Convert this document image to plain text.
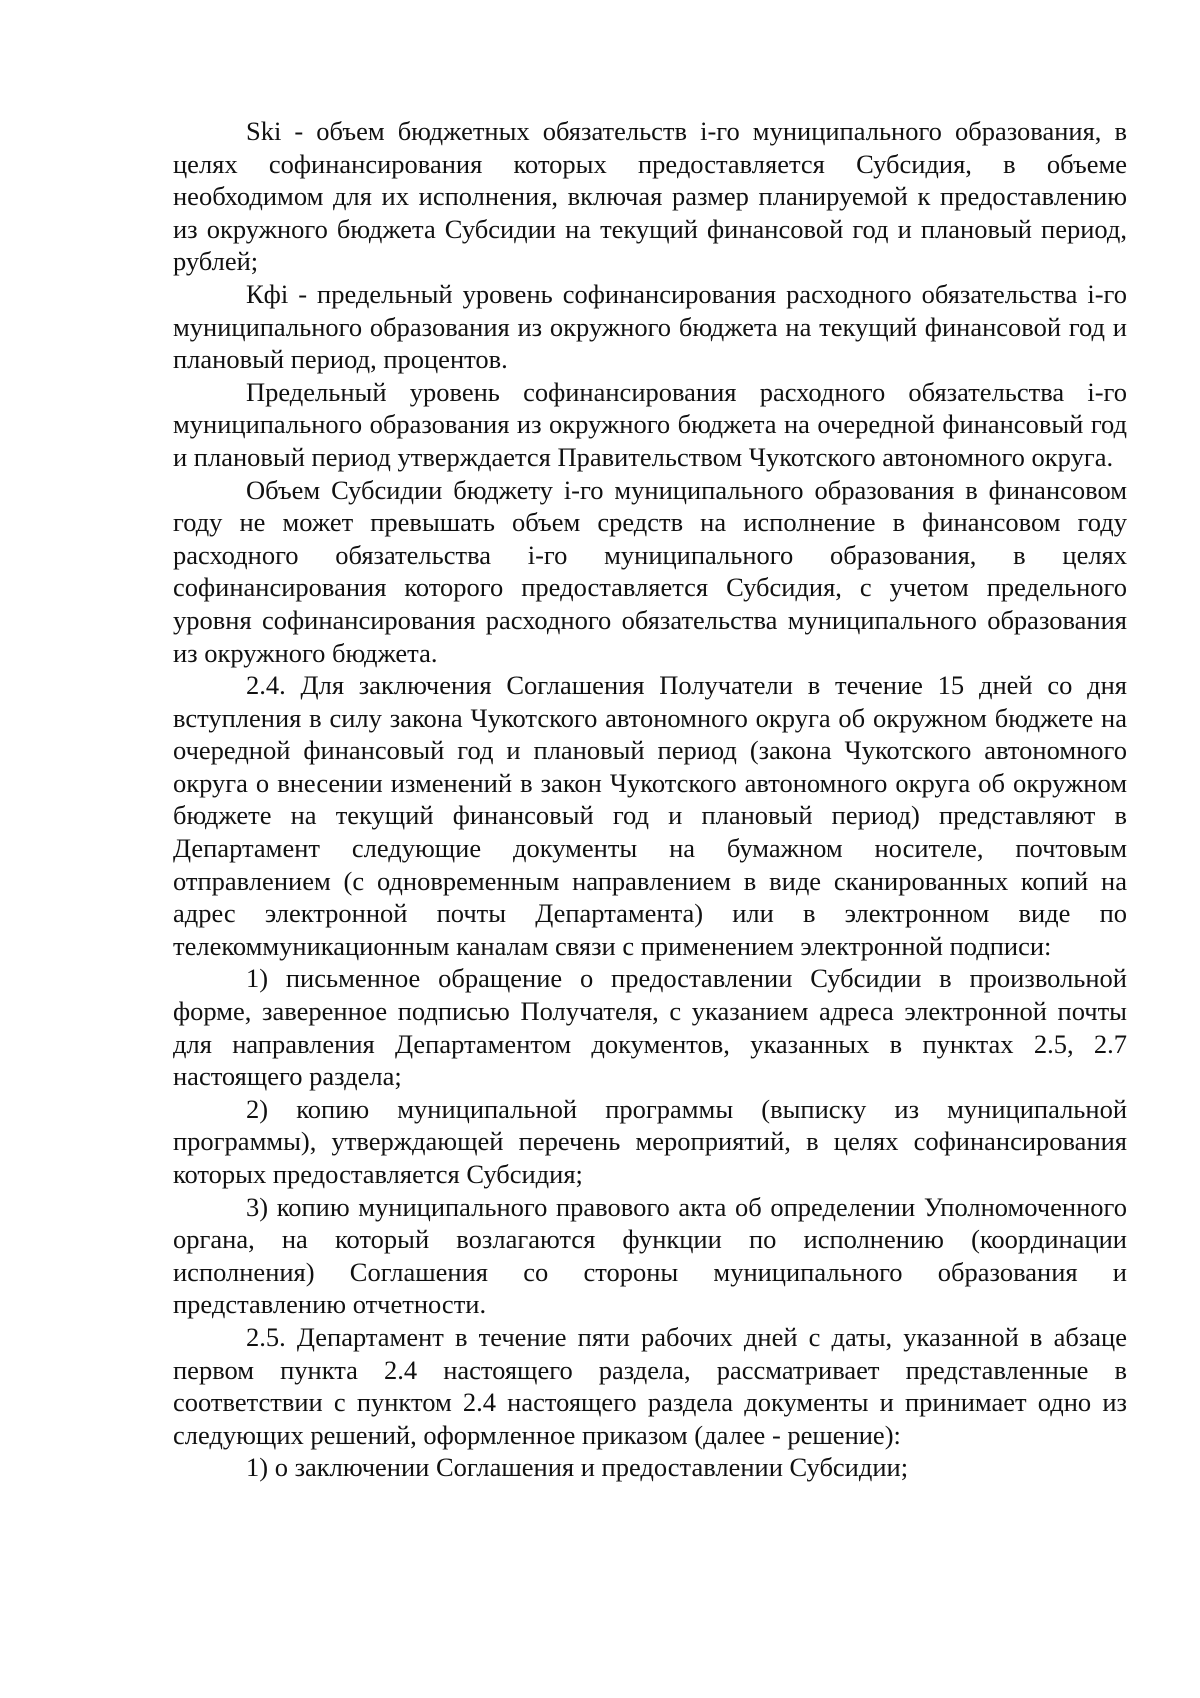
Ski - объем бюджетных обязательств i-го муниципального образования, в целях софинансирования которых предоставляется Субсидия, в объеме необходимом для их исполнения, включая размер планируемой к предоставлению из окружного бюджета Субсидии на текущий финансовой год и плановый период, рублей;

Кфi - предельный уровень софинансирования расходного обязательства i-го муниципального образования из окружного бюджета на текущий финансовой год и плановый период, процентов.

Предельный уровень софинансирования расходного обязательства i-го муниципального образования из окружного бюджета на очередной финансовый год и плановый период утверждается Правительством Чукотского автономного округа.

Объем Субсидии бюджету i-го муниципального образования в финансовом году не может превышать объем средств на исполнение в финансовом году расходного обязательства i-го муниципального образования, в целях софинансирования которого предоставляется Субсидия, с учетом предельного уровня софинансирования расходного обязательства муниципального образования из окружного бюджета.

2.4. Для заключения Соглашения Получатели в течение 15 дней со дня вступления в силу закона Чукотского автономного округа об окружном бюджете на очередной финансовый год и плановый период (закона Чукотского автономного округа о внесении изменений в закон Чукотского автономного округа об окружном бюджете на текущий финансовый год и плановый период) представляют в Департамент следующие документы на бумажном носителе, почтовым отправлением (с одновременным направлением в виде сканированных копий на адрес электронной почты Департамента) или в электронном виде по телекоммуникационным каналам связи с применением электронной подписи:

1) письменное обращение о предоставлении Субсидии в произвольной форме, заверенное подписью Получателя, с указанием адреса электронной почты для направления Департаментом документов, указанных в пунктах 2.5, 2.7 настоящего раздела;

2) копию муниципальной программы (выписку из муниципальной программы), утверждающей перечень мероприятий, в целях софинансирования которых предоставляется Субсидия;

3) копию муниципального правового акта об определении Уполномоченного органа, на который возлагаются функции по исполнению (координации исполнения) Соглашения со стороны муниципального образования и представлению отчетности.

2.5. Департамент в течение пяти рабочих дней с даты, указанной в абзаце первом пункта 2.4 настоящего раздела, рассматривает представленные в соответствии с пунктом 2.4 настоящего раздела документы и принимает одно из следующих решений, оформленное приказом (далее - решение):

1) о заключении Соглашения и предоставлении Субсидии;
